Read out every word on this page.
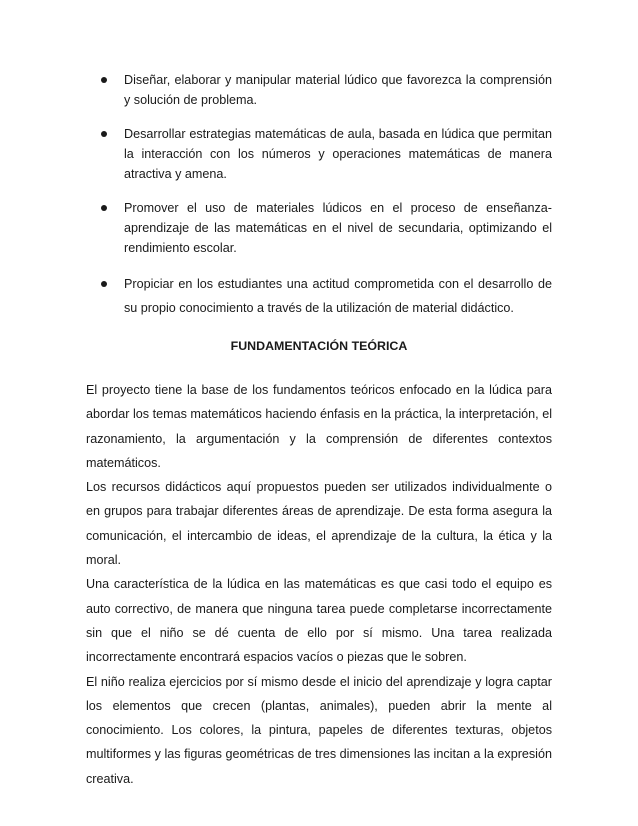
Diseñar, elaborar y manipular material lúdico que favorezca la comprensión y solución de problema.
Desarrollar estrategias matemáticas de aula, basada en lúdica que permitan la interacción con los números y operaciones matemáticas de manera atractiva y amena.
Promover el uso de materiales lúdicos en el proceso de enseñanza-aprendizaje de las matemáticas en el nivel de secundaria, optimizando el rendimiento escolar.
Propiciar en los estudiantes una actitud comprometida con el desarrollo de su propio conocimiento a través de la utilización de material didáctico.
FUNDAMENTACIÓN TEÓRICA

El proyecto tiene la base de los fundamentos teóricos enfocado en la lúdica para abordar los temas matemáticos haciendo énfasis en la práctica, la interpretación, el razonamiento, la argumentación y la comprensión de diferentes contextos matemáticos.

Los recursos didácticos aquí propuestos pueden ser utilizados individualmente o en grupos para trabajar diferentes áreas de aprendizaje. De esta forma asegura la comunicación, el intercambio de ideas, el aprendizaje de la cultura, la ética y la moral.

Una característica de la lúdica en las matemáticas es que casi todo el equipo es auto correctivo, de manera que ninguna tarea puede completarse incorrectamente sin que el niño se dé cuenta de ello por sí mismo. Una tarea realizada incorrectamente encontrará espacios vacíos o piezas que le sobren.

El niño realiza ejercicios por sí mismo desde el inicio del aprendizaje y logra captar los elementos que crecen (plantas, animales), pueden abrir la mente al conocimiento. Los colores, la pintura, papeles de diferentes texturas, objetos multiformes y las figuras geométricas de tres dimensiones las incitan a la expresión creativa.
